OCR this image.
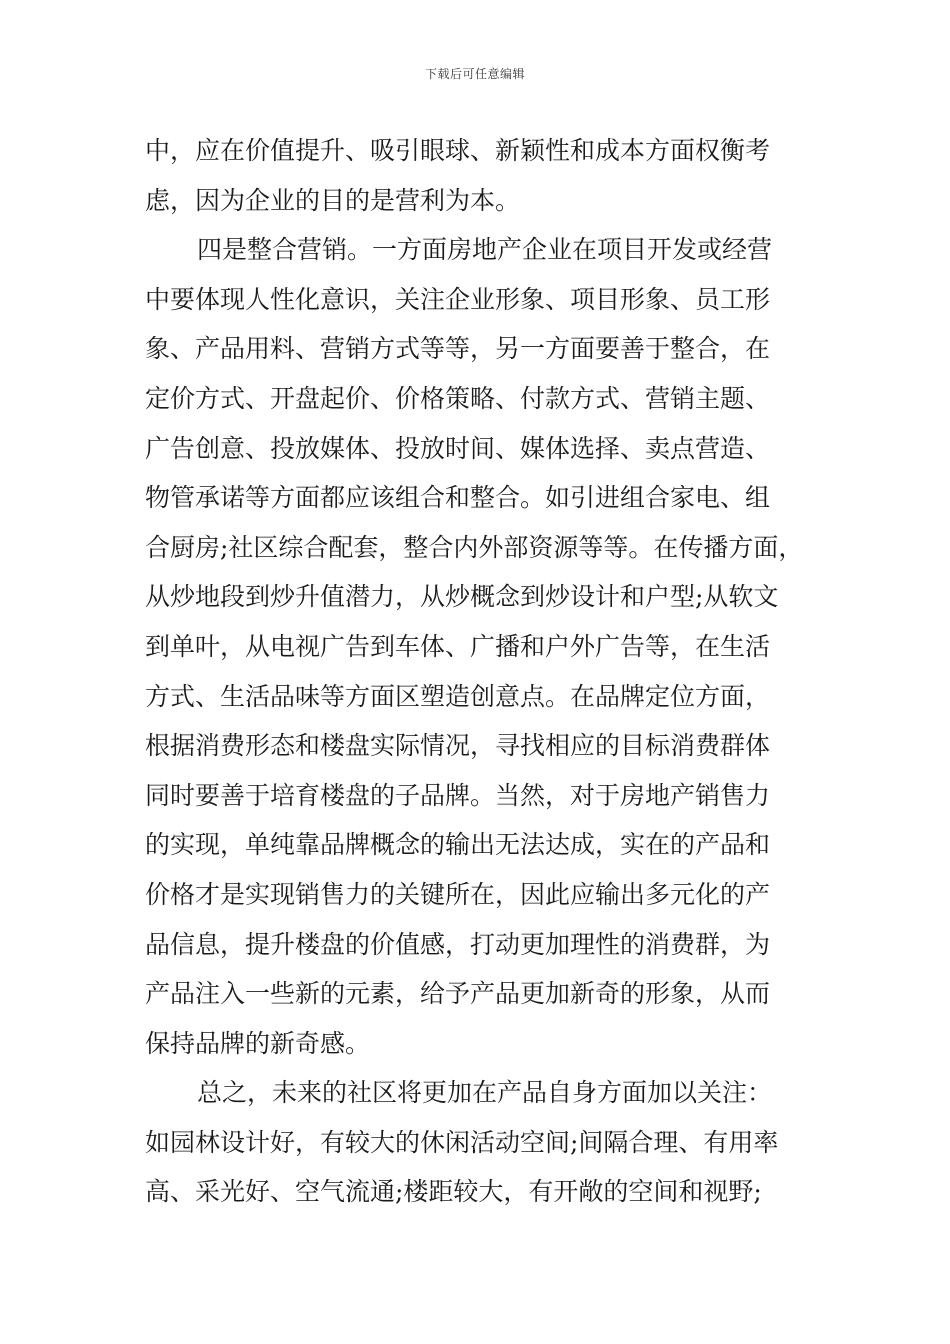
下载后可任意编辑
中，应在价值提升、吸引眼球、新颖性和成本方面权衡考
虑，因为企业的目的是营利为本。
四是整合营销。一方面房地产企业在项目开发或经营
中要体现人性化意识，关注企业形象、项目形象、员工形
象、产品用料、营销方式等等，另一方面要善于整合，在
定价方式、开盘起价、价格策略、付款方式、营销主题、
广告创意、投放媒体、投放时间、媒体选择、卖点营造、
物管承诺等方面都应该组合和整合。如引进组合家电、组
合厨房;社区综合配套，整合内外部资源等等。在传播方面，
从炒地段到炒升值潜力，从炒概念到炒设计和户型;从软文
到单叶，从电视广告到车体、广播和户外广告等，在生活
方式、生活品味等方面区塑造创意点。在品牌定位方面，
根据消费形态和楼盘实际情况，寻找相应的目标消费群体
同时要善于培育楼盘的子品牌。当然，对于房地产销售力
的实现，单纯靠品牌概念的输出无法达成，实在的产品和
价格才是实现销售力的关键所在，因此应输出多元化的产
品信息，提升楼盘的价值感，打动更加理性的消费群，为
产品注入一些新的元素，给予产品更加新奇的形象，从而
保持品牌的新奇感。
总之，未来的社区将更加在产品自身方面加以关注：
如园林设计好，有较大的休闲活动空间;间隔合理、有用率
高、采光好、空气流通;楼距较大，有开敞的空间和视野;
